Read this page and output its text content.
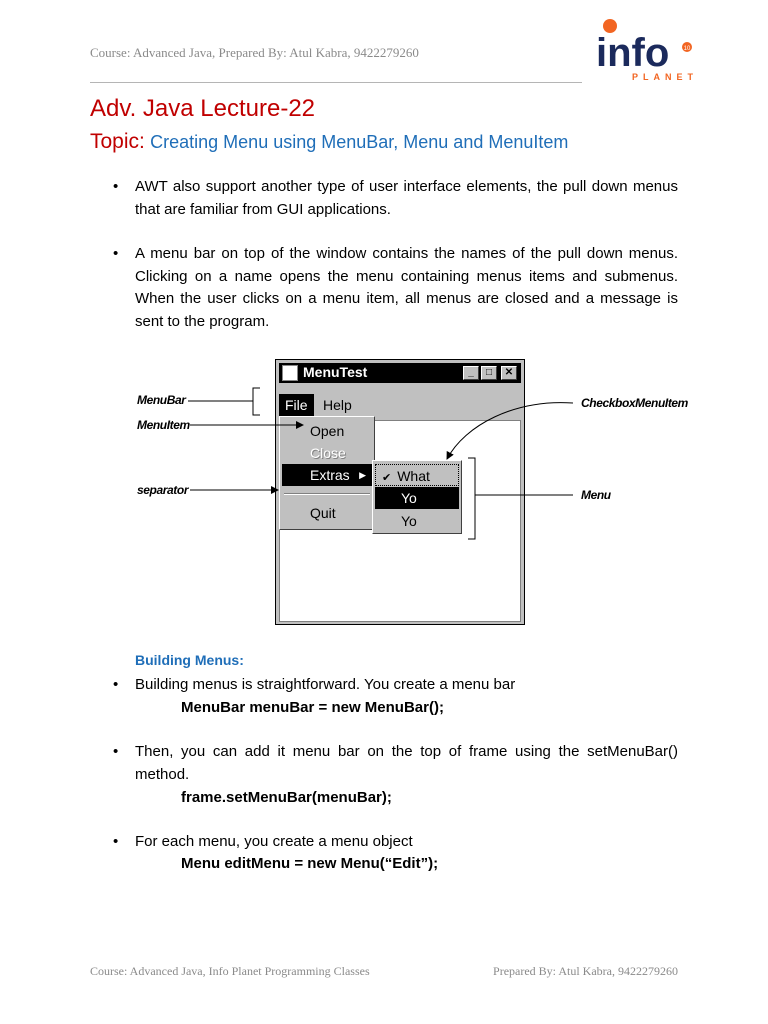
Course: Advanced Java, Prepared By: Atul Kabra, 9422279260	info 10
PLANET
Adv. Java Lecture-22
Topic: Creating Menu using MenuBar, Menu and MenuItem
• AWT also support another type of user interface elements, the pull down menus that are familiar from GUI applications.
• A menu bar on top of the window contains the names of the pull down menus. Clicking on a name opens the menu containing menus items and submenus. When the user clicks on a menu item, all menus are closed and a message is sent to the program.
MenuTest	_	□	✕
File	Help
Open
Close
Extras ▶
Quit
✔ What
Yo
Yo
MenuBar
MenuItem
separator
CheckboxMenuItem
Menu
Building Menus:
• Building menus is straightforward. You create a menu bar
MenuBar menuBar = new MenuBar();
• Then, you can add it menu bar on the top of frame using the setMenuBar() method.
frame.setMenuBar(menuBar);
• For each menu, you create a menu object
Menu editMenu = new Menu(“Edit”);
Course: Advanced Java, Info Planet Programming Classes	Prepared By: Atul Kabra, 9422279260
